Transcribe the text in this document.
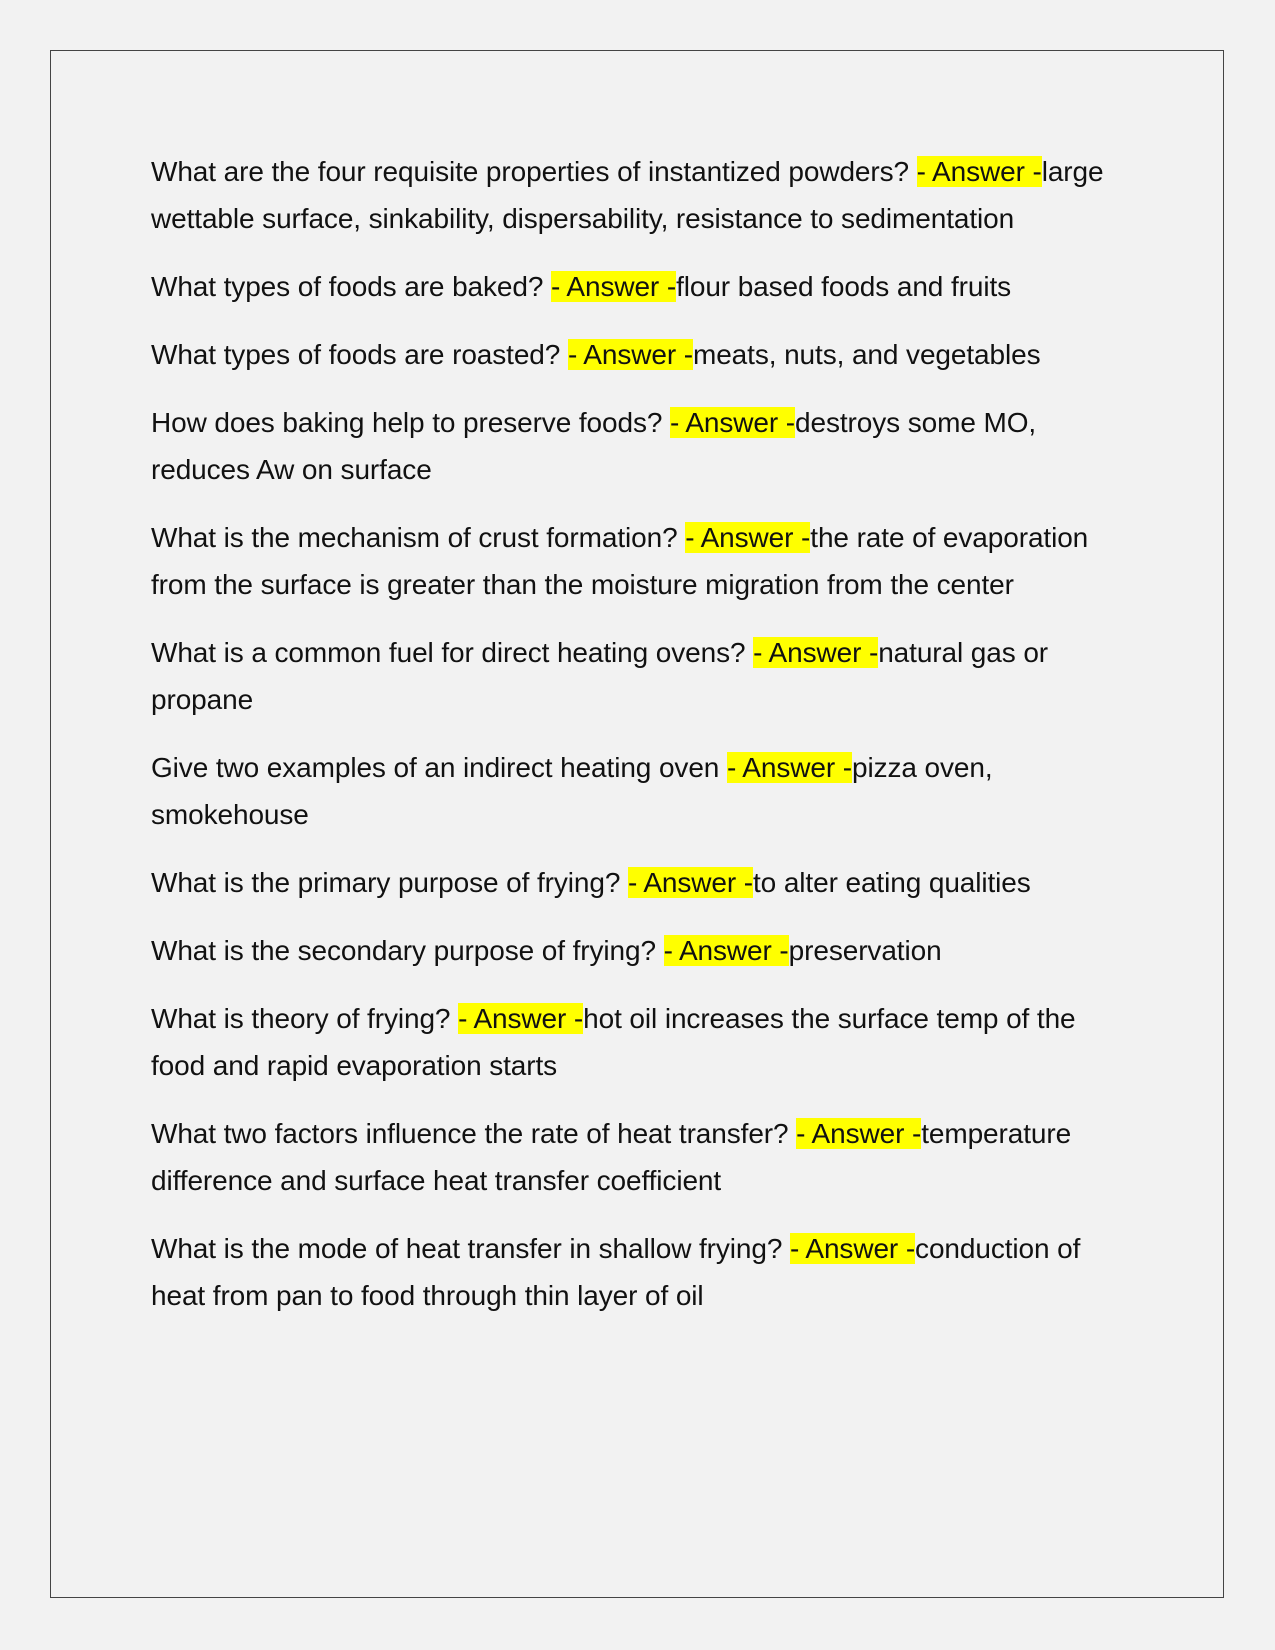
What are the four requisite properties of instantized powders? - Answer -large wettable surface, sinkability, dispersability, resistance to sedimentation

What types of foods are baked? - Answer -flour based foods and fruits

What types of foods are roasted? - Answer -meats, nuts, and vegetables

How does baking help to preserve foods? - Answer -destroys some MO, reduces Aw on surface

What is the mechanism of crust formation? - Answer -the rate of evaporation from the surface is greater than the moisture migration from the center

What is a common fuel for direct heating ovens? - Answer -natural gas or propane

Give two examples of an indirect heating oven - Answer -pizza oven, smokehouse

What is the primary purpose of frying? - Answer -to alter eating qualities

What is the secondary purpose of frying? - Answer -preservation

What is theory of frying? - Answer -hot oil increases the surface temp of the food and rapid evaporation starts

What two factors influence the rate of heat transfer? - Answer -temperature difference and surface heat transfer coefficient

What is the mode of heat transfer in shallow frying? - Answer -conduction of heat from pan to food through thin layer of oil
